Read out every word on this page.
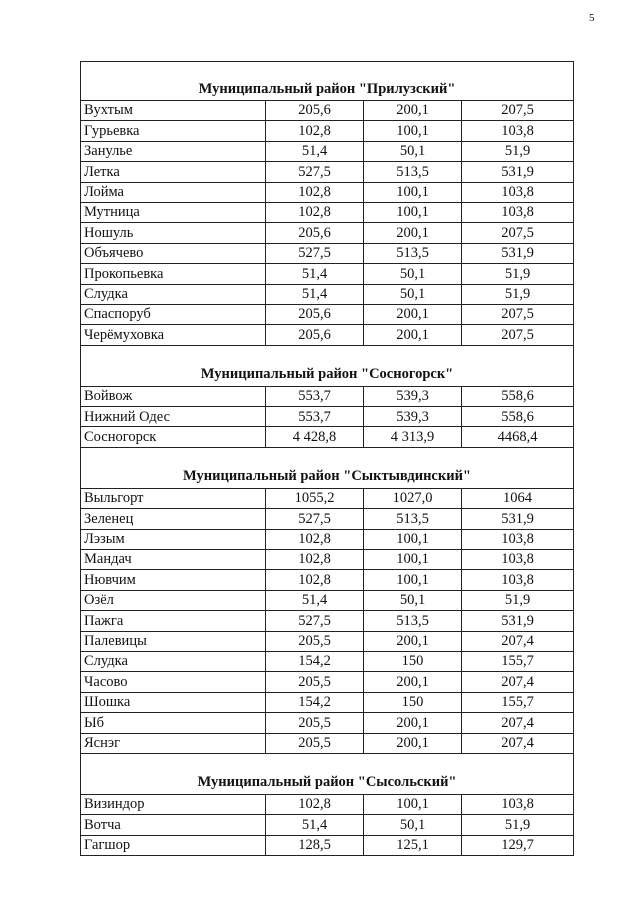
5
Муниципальный район "Прилузский"			
Вухтым	205,6	200,1	207,5
Гурьевка	102,8	100,1	103,8
Занулье	51,4	50,1	51,9
Летка	527,5	513,5	531,9
Лойма	102,8	100,1	103,8
Мутница	102,8	100,1	103,8
Ношуль	205,6	200,1	207,5
Объячево	527,5	513,5	531,9
Прокопьевка	51,4	50,1	51,9
Слудка	51,4	50,1	51,9
Спаспоруб	205,6	200,1	207,5
Черёмуховка	205,6	200,1	207,5
Муниципальный район "Сосногорск"			
Войвож	553,7	539,3	558,6
Нижний Одес	553,7	539,3	558,6
Сосногорск	4 428,8	4 313,9	4468,4
Муниципальный район "Сыктывдинский"			
Выльгорт	1055,2	1027,0	1064
Зеленец	527,5	513,5	531,9
Лэзым	102,8	100,1	103,8
Мандач	102,8	100,1	103,8
Нювчим	102,8	100,1	103,8
Озёл	51,4	50,1	51,9
Пажга	527,5	513,5	531,9
Палевицы	205,5	200,1	207,4
Слудка	154,2	150	155,7
Часово	205,5	200,1	207,4
Шошка	154,2	150	155,7
Ыб	205,5	200,1	207,4
Яснэг	205,5	200,1	207,4
Муниципальный район "Сысольский"			
Визиндор	102,8	100,1	103,8
Вотча	51,4	50,1	51,9
Гагшор	128,5	125,1	129,7
